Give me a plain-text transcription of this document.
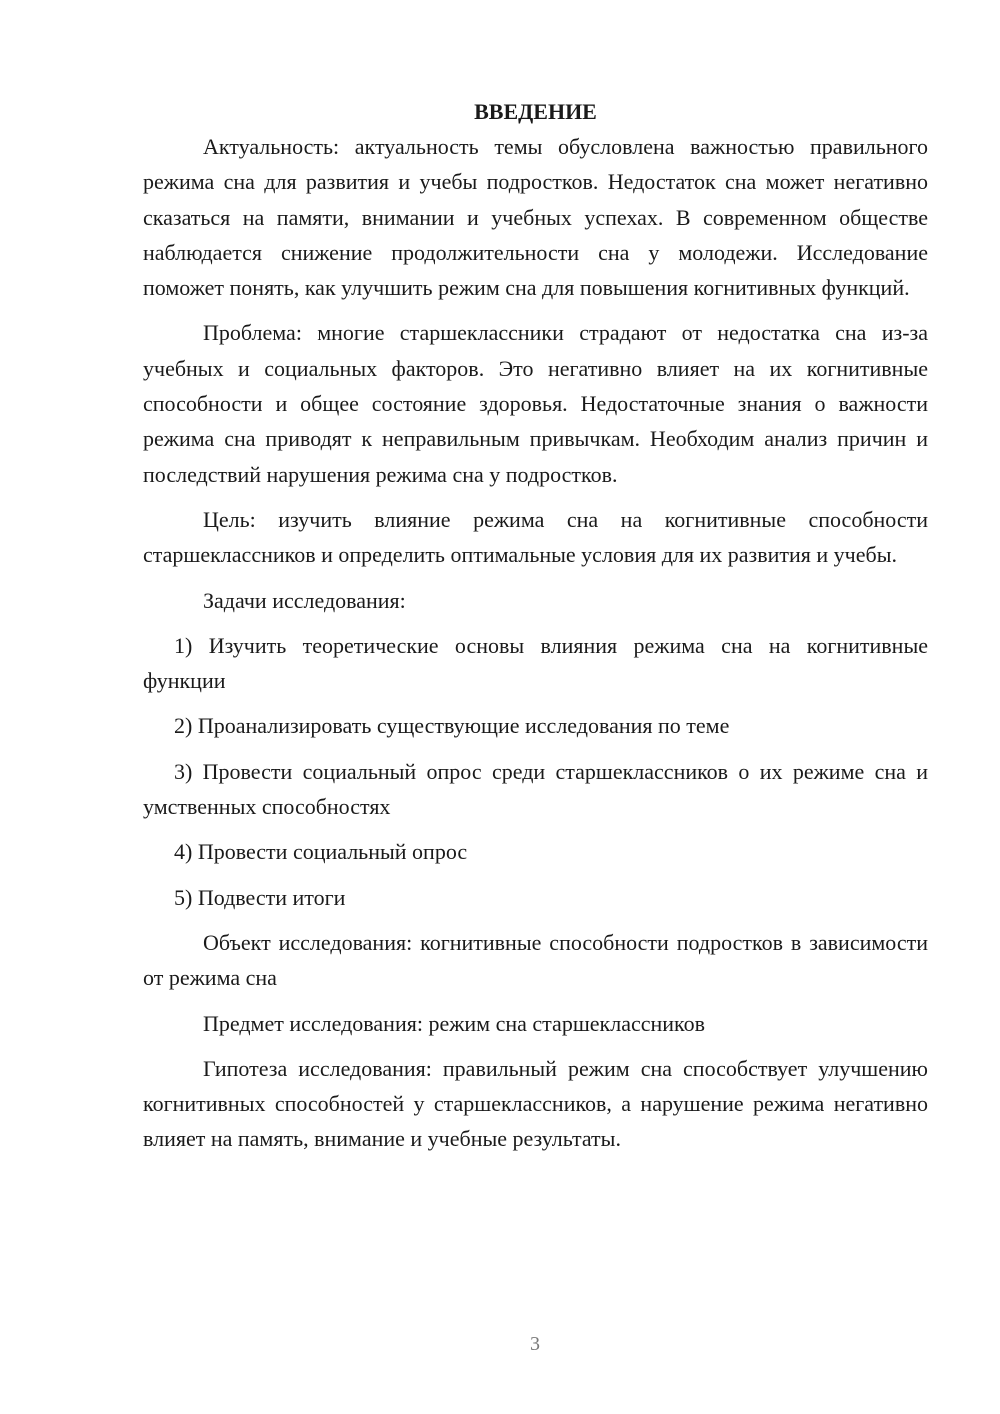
ВВЕДЕНИЕ

Актуальность: актуальность темы обусловлена важностью правильного режима сна для развития и учебы подростков. Недостаток сна может негативно сказаться на памяти, внимании и учебных успехах. В современном обществе наблюдается снижение продолжительности сна у молодежи. Исследование поможет понять, как улучшить режим сна для повышения когнитивных функций.

Проблема: многие старшеклассники страдают от недостатка сна из-за учебных и социальных факторов. Это негативно влияет на их когнитивные способности и общее состояние здоровья. Недостаточные знания о важности режима сна приводят к неправильным привычкам. Необходим анализ причин и последствий нарушения режима сна у подростков.

Цель: изучить влияние режима сна на когнитивные способности старшеклассников и определить оптимальные условия для их развития и учебы.

Задачи исследования:

1) Изучить теоретические основы влияния режима сна на когнитивные функции

2) Проанализировать существующие исследования по теме

3) Провести социальный опрос среди старшеклассников о их режиме сна и умственных способностях

4) Провести социальный опрос

5) Подвести итоги

Объект исследования: когнитивные способности подростков в зависимости от режима сна

Предмет исследования: режим сна старшеклассников

Гипотеза исследования: правильный режим сна способствует улучшению когнитивных способностей у старшеклассников, а нарушение режима негативно влияет на память, внимание и учебные результаты.

3
